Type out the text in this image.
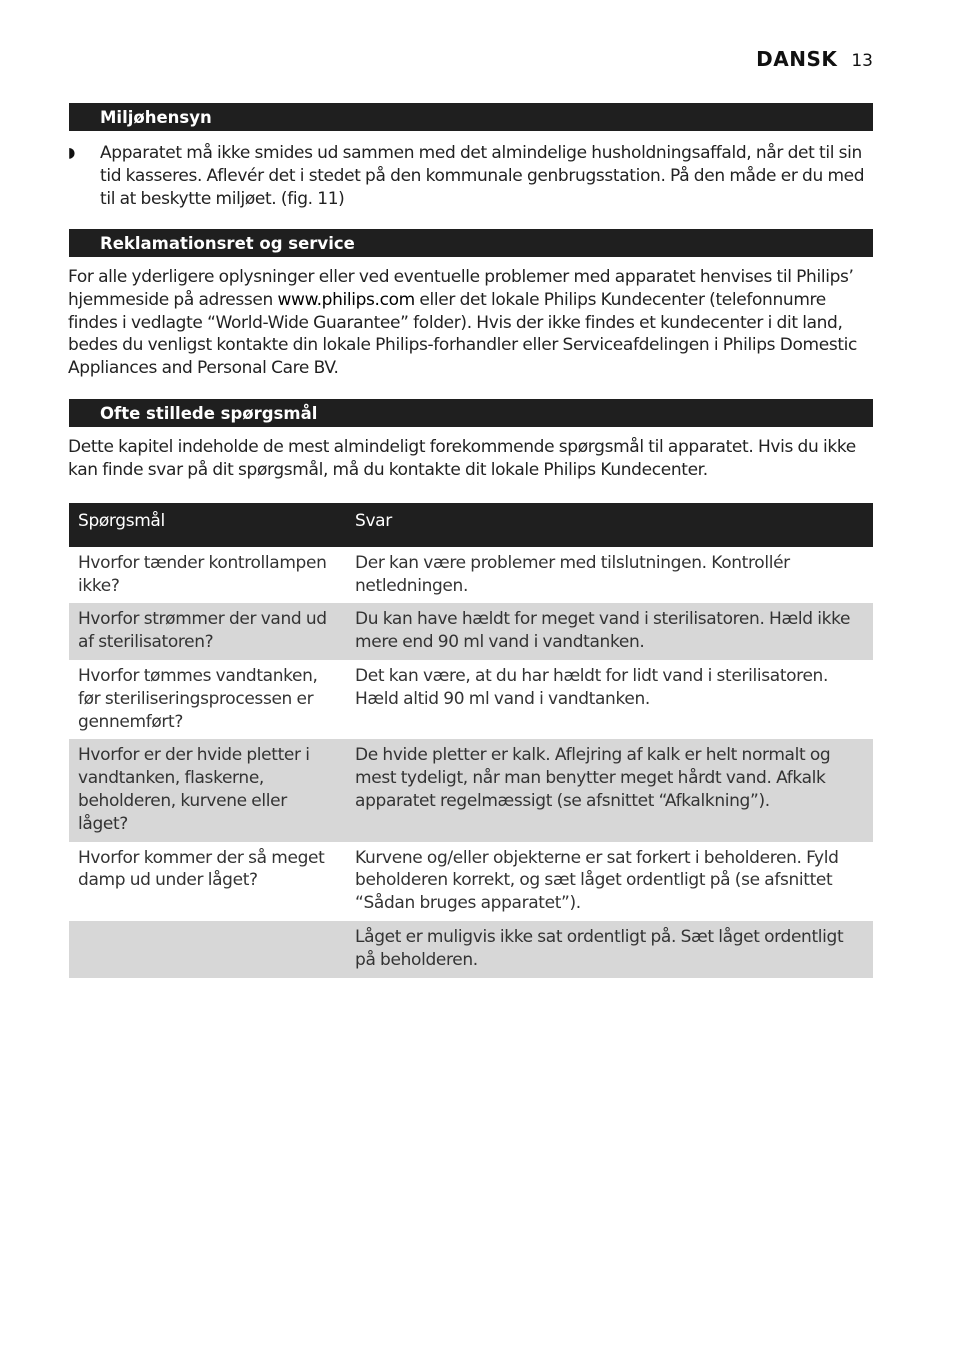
DANSK 13
Miljøhensyn
◗ Apparatet må ikke smides ud sammen med det almindelige husholdningsaffald, når det til sin tid kasseres. Aflevér det i stedet på den kommunale genbrugsstation. På den måde er du med til at beskytte miljøet. (fig. 11)
Reklamationsret og service
For alle yderligere oplysninger eller ved eventuelle problemer med apparatet henvises til Philips’ hjemmeside på adressen www.philips.com eller det lokale Philips Kundecenter (telefonnumre findes i vedlagte “World-Wide Guarantee” folder). Hvis der ikke findes et kundecenter i dit land, bedes du venligst kontakte din lokale Philips-forhandler eller Serviceafdelingen i Philips Domestic Appliances and Personal Care BV.
Ofte stillede spørgsmål
Dette kapitel indeholde de mest almindeligt forekommende spørgsmål til apparatet. Hvis du ikke kan finde svar på dit spørgsmål, må du kontakte dit lokale Philips Kundecenter.
Spørgsmål	Svar
Hvorfor tænder kontrollampen ikke?	Der kan være problemer med tilslutningen. Kontrollér netledningen.
Hvorfor strømmer der vand ud af sterilisatoren?	Du kan have hældt for meget vand i sterilisatoren. Hæld ikke mere end 90 ml vand i vandtanken.
Hvorfor tømmes vandtanken, før steriliseringsprocessen er gennemført?	Det kan være, at du har hældt for lidt vand i sterilisatoren. Hæld altid 90 ml vand i vandtanken.
Hvorfor er der hvide pletter i vandtanken, flaskerne, beholderen, kurvene eller låget?	De hvide pletter er kalk. Aflejring af kalk er helt normalt og mest tydeligt, når man benytter meget hårdt vand. Afkalk apparatet regelmæssigt (se afsnittet “Afkalkning”).
Hvorfor kommer der så meget damp ud under låget?	Kurvene og/eller objekterne er sat forkert i beholderen. Fyld beholderen korrekt, og sæt låget ordentligt på (se afsnittet “Sådan bruges apparatet”).
	Låget er muligvis ikke sat ordentligt på. Sæt låget ordentligt på beholderen.
